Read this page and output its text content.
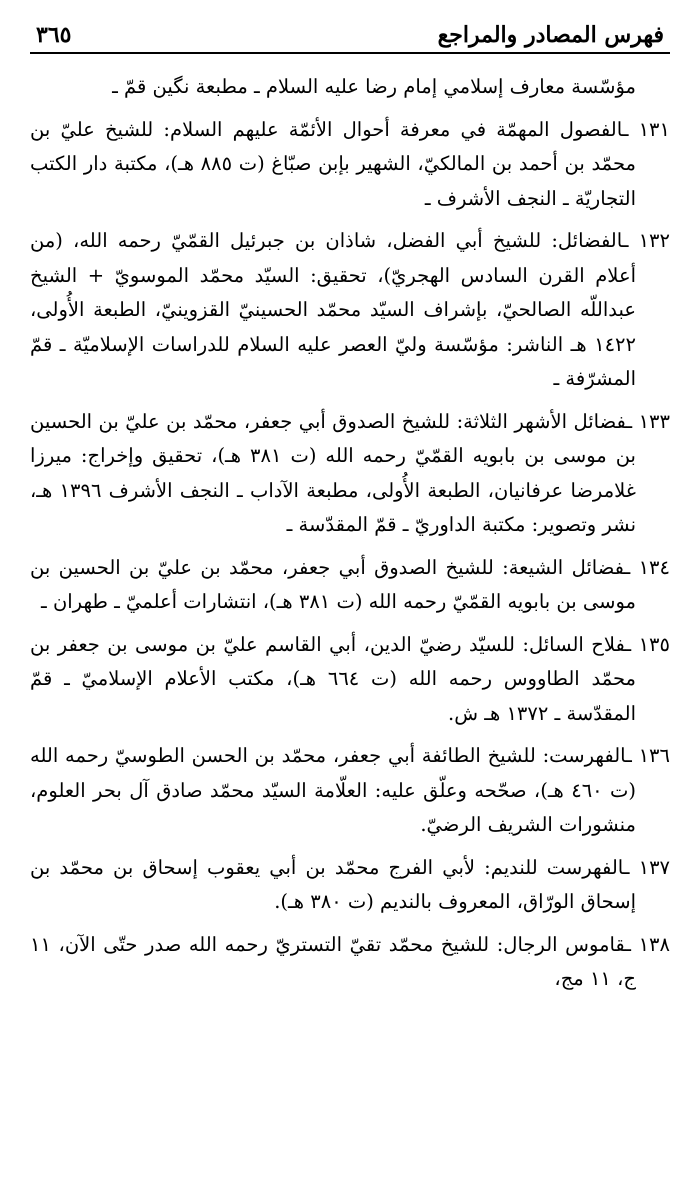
فهرس المصادر والمراجع
٣٦٥

مؤسّسة معارف إسلامي إمام رضا عليه السلام ـ مطبعة نگين قمّ ـ

١٣١ ـالفصول المهمّة في معرفة أحوال الأئمّة عليهم السلام: للشيخ عليّ بن محمّد بن أحمد بن المالكيّ، الشهير بإبن صبّاغ (ت ٨٨٥ هـ)، مكتبة دار الكتب التجاريّة ـ النجف الأشرف ـ

١٣٢ ـالفضائل: للشيخ أبي الفضل، شاذان بن جبرئيل القمّيّ رحمه الله، (من أعلام القرن السادس الهجريّ)، تحقيق: السيّد محمّد الموسويّ + الشيخ عبداللّه الصالحيّ، بإشراف السيّد محمّد الحسينيّ القزوينيّ، الطبعة الأُولى، ١٤٢٢ هـ الناشر: مؤسّسة وليّ العصر عليه السلام للدراسات الإسلاميّة ـ قمّ المشرّفة ـ

١٣٣ ـفضائل الأشهر الثلاثة: للشيخ الصدوق أبي جعفر، محمّد بن عليّ بن الحسين بن موسى بن بابويه القمّيّ رحمه الله (ت ٣٨١ هـ)، تحقيق وإخراج: ميرزا غلامرضا عرفانيان، الطبعة الأُولى، مطبعة الآداب ـ النجف الأشرف ١٣٩٦ هـ، نشر وتصوير: مكتبة الداوريّ ـ قمّ المقدّسة ـ

١٣٤ ـفضائل الشيعة: للشيخ الصدوق أبي جعفر، محمّد بن عليّ بن الحسين بن موسى بن بابويه القمّيّ رحمه الله (ت ٣٨١ هـ)، انتشارات أعلميّ ـ طهران ـ

١٣٥ ـفلاح السائل: للسيّد رضيّ الدين، أبي القاسم عليّ بن موسى بن جعفر بن محمّد الطاووس رحمه الله (ت ٦٦٤ هـ)، مكتب الأعلام الإسلاميّ ـ قمّ المقدّسة ـ ١٣٧٢ هـ ش.

١٣٦ ـالفهرست: للشيخ الطائفة أبي جعفر، محمّد بن الحسن الطوسيّ رحمه الله (ت ٤٦٠ هـ)، صحّحه وعلّق عليه: العلّامة السيّد محمّد صادق آل بحر العلوم، منشورات الشريف الرضيّ.

١٣٧ ـالفهرست للنديم: لأبي الفرج محمّد بن أبي يعقوب إسحاق بن محمّد بن إسحاق الورّاق، المعروف بالنديم (ت ٣٨٠ هـ).

١٣٨ ـقاموس الرجال: للشيخ محمّد تقيّ التستريّ رحمه الله صدر حتّى الآن، ١١ ج، ١١ مج،
